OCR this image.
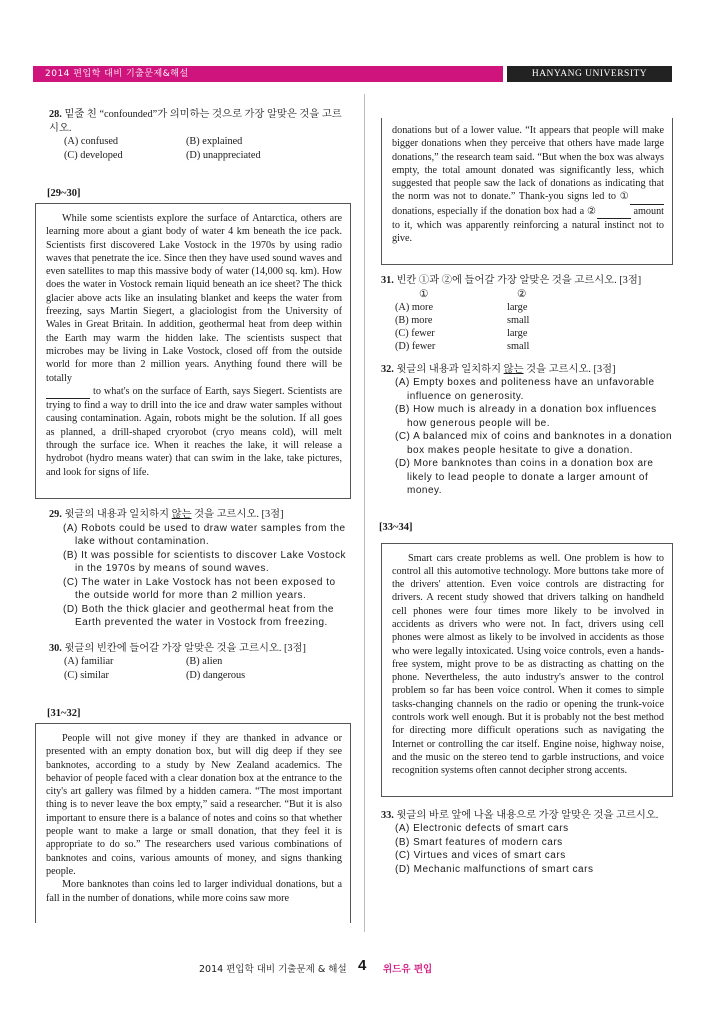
2014 편입학 대비 기출문제&해설	HANYANG UNIVERSITY
28. 밑줄 친 “confounded”가 의미하는 것으로 가장 알맞은 것을 고르시오.
(A) confused	(B) explained
(C) developed	(D) unappreciated
[29~30]

While some scientists explore the surface of Antarctica, others are learning more about a giant body of water 4 km beneath the ice pack. Scientists first discovered Lake Vostock in the 1970s by using radio waves that penetrate the ice. Since then they have used sound waves and even satellites to map this massive body of water (14,000 sq. km). How does the water in Vostock remain liquid beneath an ice sheet? The thick glacier above acts like an insulating blanket and keeps the water from freezing, says Martin Siegert, a glaciologist from the University of Wales in Great Britain. In addition, geothermal heat from deep within the Earth may warm the hidden lake. The scientists suspect that microbes may be living in Lake Vostock, closed off from the outside world for more than 2 million years. Anything found there will be totally
to what's on the surface of Earth, says Siegert. Scientists are trying to find a way to drill into the ice and draw water samples without causing contamination. Again, robots might be the solution. If all goes as planned, a drill-shaped cryorobot (cryo means cold), will melt through the surface ice. When it reaches the lake, it will release a hydrobot (hydro means water) that can swim in the lake, take pictures, and look for signs of life.

29. 윗글의 내용과 일치하지 않는 것을 고르시오. [3점]
(A) Robots could be used to draw water samples from the lake without contamination.
(B) It was possible for scientists to discover Lake Vostock in the 1970s by means of sound waves.
(C) The water in Lake Vostock has not been exposed to the outside world for more than 2 million years.
(D) Both the thick glacier and geothermal heat from the Earth prevented the water in Vostock from freezing.
30. 윗글의 빈칸에 들어갈 가장 알맞은 것을 고르시오. [3점]
(A) familiar	(B) alien
(C) similar	(D) dangerous
[31~32]

People will not give money if they are thanked in advance or presented with an empty donation box, but will dig deep if they see banknotes, according to a study by New Zealand academics. The behavior of people faced with a clear donation box at the entrance to the city's art gallery was filmed by a hidden camera. “The most important thing is to never leave the box empty,” said a researcher. “But it is also important to ensure there is a balance of notes and coins so that whether people want to make a large or small donation, that they feel it is appropriate to do so.” The researchers used various combinations of banknotes and coins, various amounts of money, and signs thanking people.

More banknotes than coins led to larger individual donations, but a fall in the number of donations, while more coins saw more

donations but of a lower value. “It appears that people will make bigger donations when they perceive that others have made large donations,” the research team said. “But when the box was always empty, the total amount donated was significantly less, which suggested that people saw the lack of donations as indicating that the norm was not to donate.” Thank-you signs led to ①  donations, especially if the donation box had a ②	amount to it, which was apparently reinforcing a natural instinct not to give.

31. 빈칸 ①과 ②에 들어갈 가장 알맞은 것을 고르시오. [3점]
①	②
(A) more	large
(B) more	small
(C) fewer	large
(D) fewer	small
32. 윗글의 내용과 일치하지 않는 것을 고르시오. [3점]
(A) Empty boxes and politeness have an unfavorable influence on generosity.
(B) How much is already in a donation box influences how generous people will be.
(C) A balanced mix of coins and banknotes in a donation box makes people hesitate to give a donation.
(D) More banknotes than coins in a donation box are likely to lead people to donate a larger amount of money.
[33~34]

Smart cars create problems as well. One problem is how to control all this automotive technology. More buttons take more of the drivers' attention. Even voice controls are distracting for drivers. A recent study showed that drivers talking on handheld cell phones were four times more likely to be involved in accidents as drivers who were not. In fact, drivers using cell phones were almost as likely to be involved in accidents as those who were legally intoxicated. Using voice controls, even a hands-free system, might prove to be as distracting as chatting on the phone. Nevertheless, the auto industry's answer to the control problem so far has been voice control. When it comes to simple tasks-changing channels on the radio or opening the trunk-voice controls work well enough. But it is probably not the best method for directing more difficult operations such as navigating the Internet or controlling the car itself. Engine noise, highway noise, and the music on the stereo tend to garble instructions, and voice recognition systems often cannot decipher strong accents.

33. 윗글의 바로 앞에 나올 내용으로 가장 알맞은 것을 고르시오.
(A) Electronic defects of smart cars
(B) Smart features of modern cars
(C) Virtues and vices of smart cars
(D) Mechanic malfunctions of smart cars
2014 편입학 대비 기출문제 & 해설 4 위드유 편입
